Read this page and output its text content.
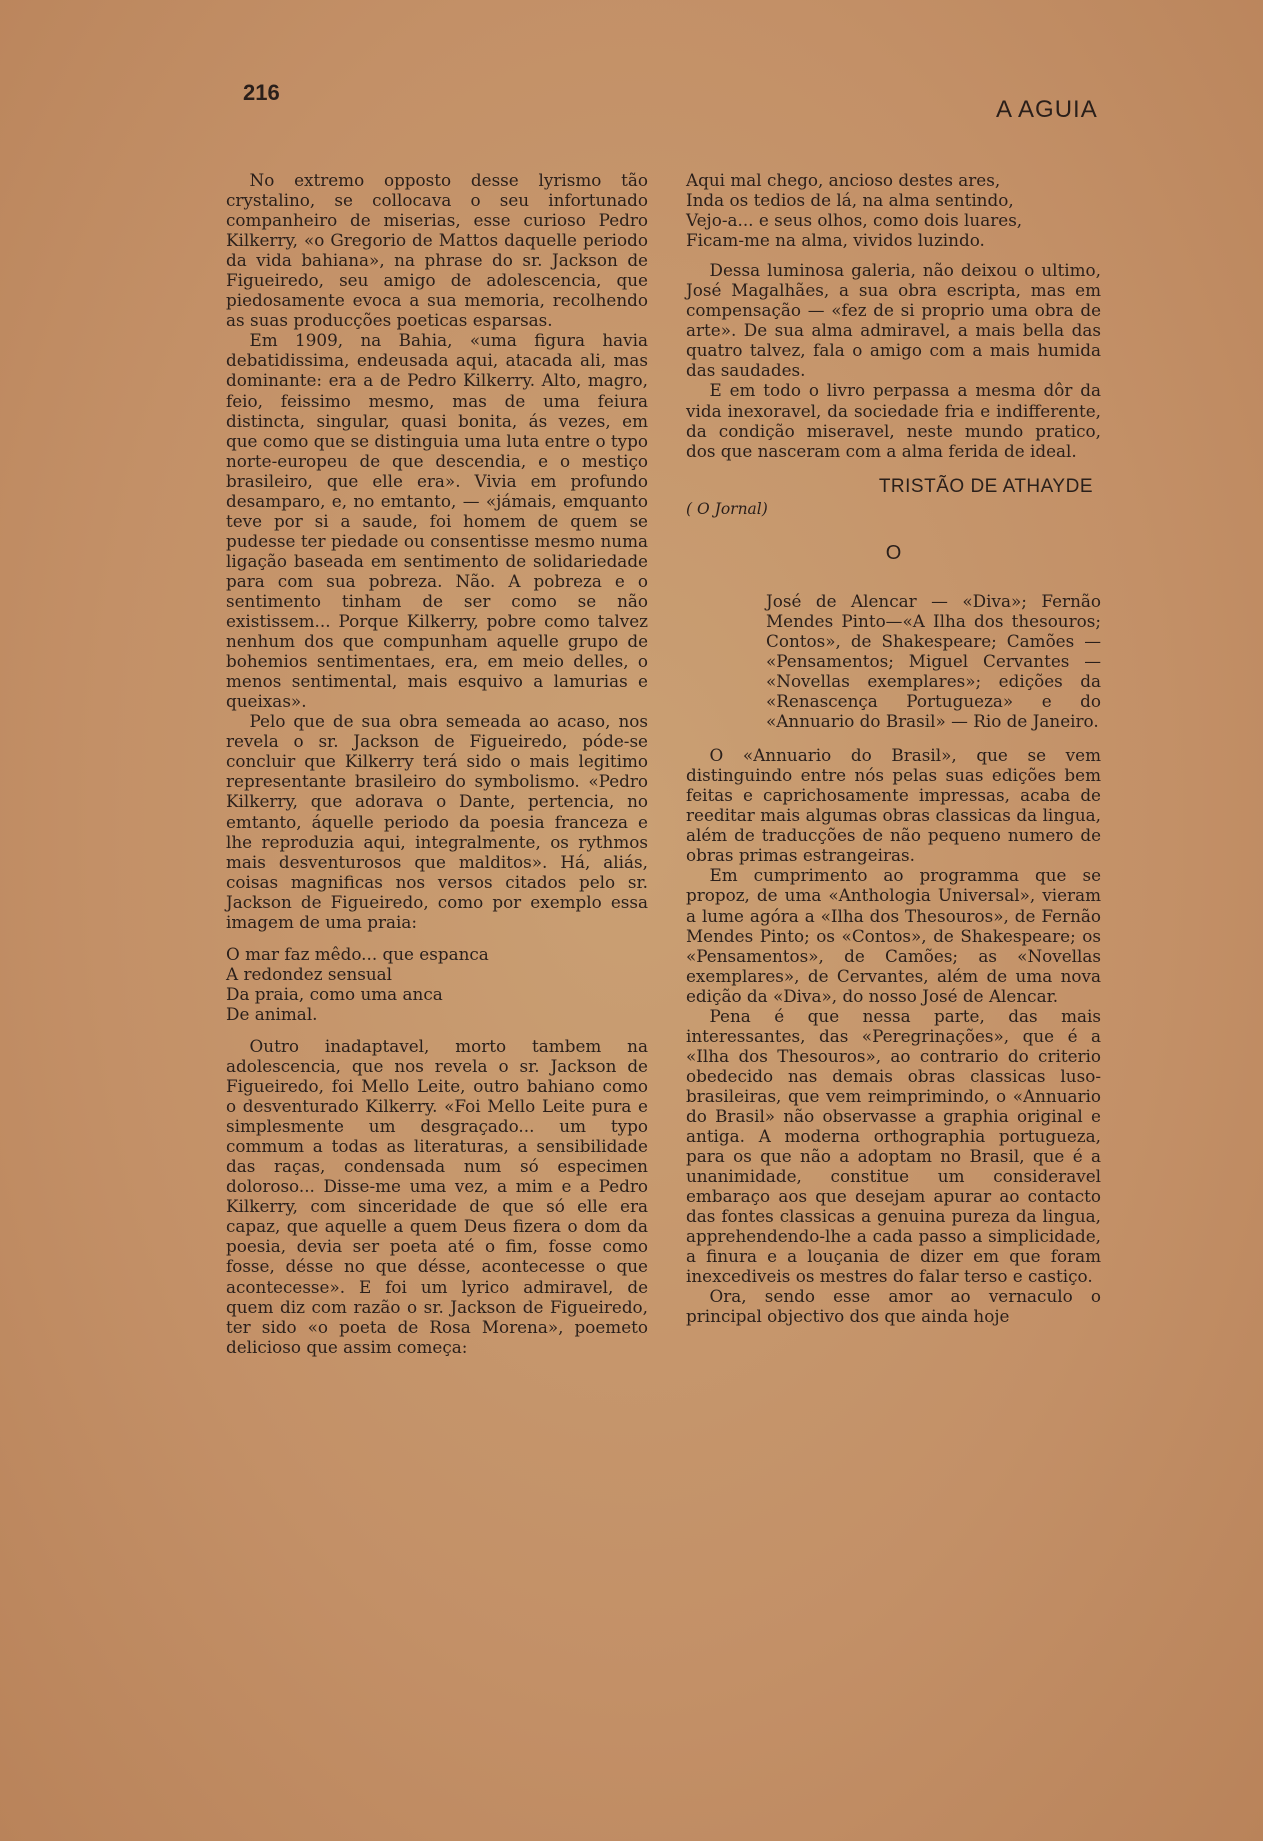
216
A AGUIA

No extremo opposto desse lyrismo tão crystalino, se collocava o seu infortunado companheiro de miserias, esse curioso Pedro Kilkerry, «o Gregorio de Mattos daquelle periodo da vida bahiana», na phrase do sr. Jackson de Figueiredo, seu amigo de adolescencia, que piedosamente evoca a sua memoria, recolhendo as suas producções poeticas esparsas.

Em 1909, na Bahia, «uma figura havia debatidissima, endeusada aqui, atacada ali, mas dominante: era a de Pedro Kilkerry. Alto, magro, feio, feissimo mesmo, mas de uma feiura distincta, singular, quasi bonita, ás vezes, em que como que se distinguia uma luta entre o typo norte-europeu de que descendia, e o mestiço brasileiro, que elle era». Vivia em profundo desamparo, e, no emtanto, — «jámais, emquanto teve por si a saude, foi homem de quem se pudesse ter piedade ou consentisse mesmo numa ligação baseada em sentimento de solidariedade para com sua pobreza. Não. A pobreza e o sentimento tinham de ser como se não existissem... Porque Kilkerry, pobre como talvez nenhum dos que compunham aquelle grupo de bohemios sentimentaes, era, em meio delles, o menos sentimental, mais esquivo a lamurias e queixas».

Pelo que de sua obra semeada ao acaso, nos revela o sr. Jackson de Figueiredo, póde-se concluir que Kilkerry terá sido o mais legitimo representante brasileiro do symbolismo. «Pedro Kilkerry, que adorava o Dante, pertencia, no emtanto, áquelle periodo da poesia franceza e lhe reproduzia aqui, integralmente, os rythmos mais desventurosos que malditos». Há, aliás, coisas magnificas nos versos citados pelo sr. Jackson de Figueiredo, como por exemplo essa imagem de uma praia:

O mar faz mêdo... que espanca
A redondez sensual
Da praia, como uma anca
De animal.

Outro inadaptavel, morto tambem na adolescencia, que nos revela o sr. Jackson de Figueiredo, foi Mello Leite, outro bahiano como o desventurado Kilkerry. «Foi Mello Leite pura e simplesmente um desgraçado... um typo commum a todas as literaturas, a sensibilidade das raças, condensada num só especimen doloroso... Disse-me uma vez, a mim e a Pedro Kilkerry, com sinceridade de que só elle era capaz, que aquelle a quem Deus fizera o dom da poesia, devia ser poeta até o fim, fosse como fosse, désse no que désse, acontecesse o que acontecesse». E foi um lyrico admiravel, de quem diz com razão o sr. Jackson de Figueiredo, ter sido «o poeta de Rosa Morena», poemeto delicioso que assim começa:

Aqui mal chego, ancioso destes ares,
Inda os tedios de lá, na alma sentindo,
Vejo-a... e seus olhos, como dois luares,
Ficam-me na alma, vividos luzindo.

Dessa luminosa galeria, não deixou o ultimo, José Magalhães, a sua obra escripta, mas em compensação — «fez de si proprio uma obra de arte». De sua alma admiravel, a mais bella das quatro talvez, fala o amigo com a mais humida das saudades.

E em todo o livro perpassa a mesma dôr da vida inexoravel, da sociedade fria e indifferente, da condição miseravel, neste mundo pratico, dos que nasceram com a alma ferida de ideal.

TRISTÃO DE ATHAYDE
( O Jornal)
O
José de Alencar — «Diva»; Fernão Mendes Pinto—«A Ilha dos thesouros; Contos», de Shakespeare; Camões — «Pensamentos; Miguel Cervantes — «Novellas exemplares»; edições da «Renascença Portugueza» e do «Annuario do Brasil» — Rio de Janeiro.

O «Annuario do Brasil», que se vem distinguindo entre nós pelas suas edições bem feitas e caprichosamente impressas, acaba de reeditar mais algumas obras classicas da lingua, além de traducções de não pequeno numero de obras primas estrangeiras.

Em cumprimento ao programma que se propoz, de uma «Anthologia Universal», vieram a lume agóra a «Ilha dos Thesouros», de Fernão Mendes Pinto; os «Contos», de Shakespeare; os «Pensamentos», de Camões; as «Novellas exemplares», de Cervantes, além de uma nova edição da «Diva», do nosso José de Alencar.

Pena é que nessa parte, das mais interessantes, das «Peregrinações», que é a «Ilha dos Thesouros», ao contrario do criterio obedecido nas demais obras classicas luso-brasileiras, que vem reimprimindo, o «Annuario do Brasil» não observasse a graphia original e antiga. A moderna orthographia portugueza, para os que não a adoptam no Brasil, que é a unanimidade, constitue um consideravel embaraço aos que desejam apurar ao contacto das fontes classicas a genuina pureza da lingua, apprehendendo-lhe a cada passo a simplicidade, a finura e a louçania de dizer em que foram inexcediveis os mestres do falar terso e castiço.

Ora, sendo esse amor ao vernaculo o principal objectivo dos que ainda hoje
